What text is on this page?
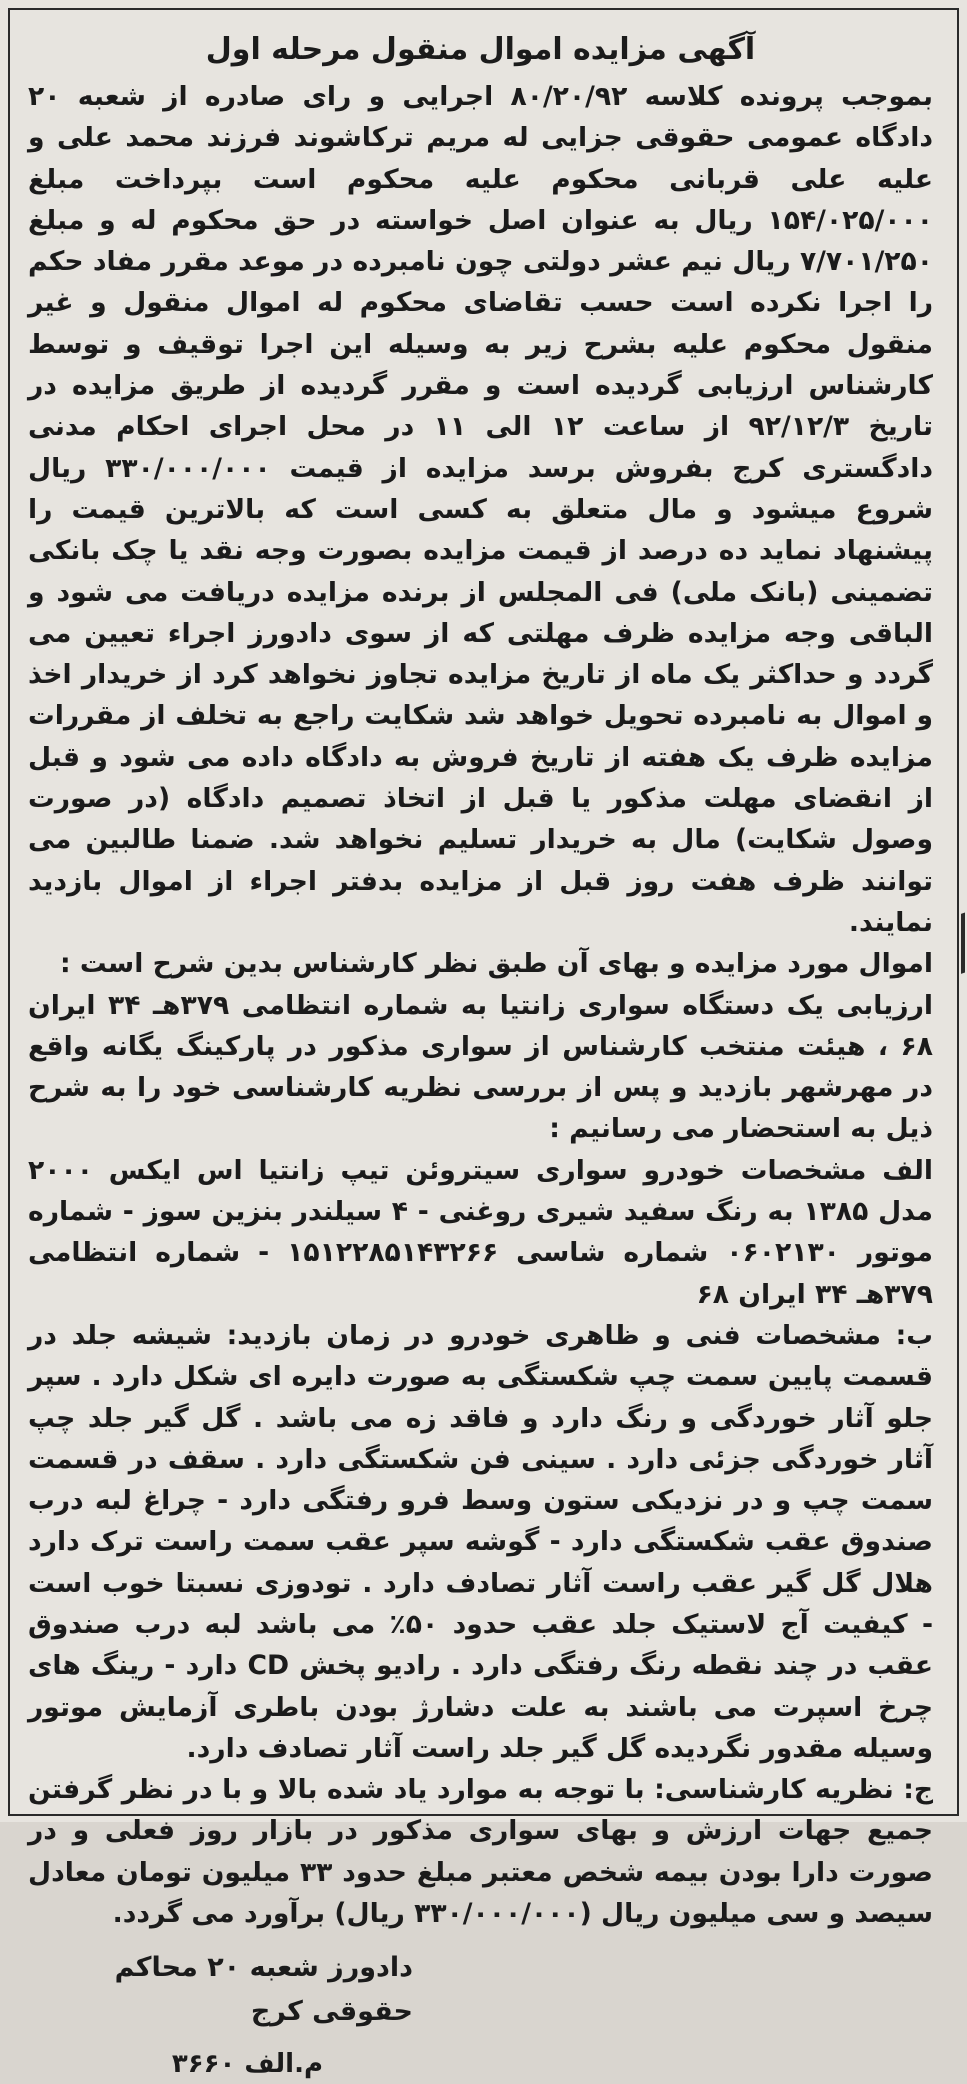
آگهی مزایده اموال منقول مرحله اول

بموجب پرونده کلاسه ۸۰/۲۰/۹۲ اجرایی و رای صادره از شعبه ۲۰ دادگاه عمومی حقوقی جزایی له مریم ترکاشوند فرزند محمد علی و علیه علی قربانی محکوم علیه محکوم است بپرداخت مبلغ ۱۵۴/۰۲۵/۰۰۰ ریال به عنوان اصل خواسته در حق محکوم له و مبلغ ۷/۷۰۱/۲۵۰ ریال نیم عشر دولتی چون نامبرده در موعد مقرر مفاد حکم را اجرا نکرده است حسب تقاضای محکوم له اموال منقول و غیر منقول محکوم علیه بشرح زیر به وسیله این اجرا توقیف و توسط کارشناس ارزیابی گردیده است و مقرر گردیده از طریق مزایده در تاریخ ۹۲/۱۲/۳ از ساعت ۱۲ الی ۱۱ در محل اجرای احکام مدنی دادگستری کرج بفروش برسد مزایده از قیمت ۳۳۰/۰۰۰/۰۰۰ ریال شروع میشود و مال متعلق به کسی است که بالاترین قیمت را پیشنهاد نماید ده درصد از قیمت مزایده بصورت وجه نقد یا چک بانکی تضمینی (بانک ملی) فی المجلس از برنده مزایده دریافت می شود و الباقی وجه مزایده ظرف مهلتی که از سوی دادورز اجراء تعیین می گردد و حداکثر یک ماه از تاریخ مزایده تجاوز نخواهد کرد از خریدار اخذ و اموال به نامبرده تحویل خواهد شد شکایت راجع به تخلف از مقررات مزایده ظرف یک هفته از تاریخ فروش به دادگاه داده می شود و قبل از انقضای مهلت مذکور یا قبل از اتخاذ تصمیم دادگاه (در صورت وصول شکایت) مال به خریدار تسلیم نخواهد شد. ضمنا طالبین می توانند ظرف هفت روز قبل از مزایده بدفتر اجراء از اموال بازدید نمایند.

اموال مورد مزایده و بهای آن طبق نظر کارشناس بدین شرح است :

ارزیابی یک دستگاه سواری زانتیا به شماره انتظامی ۳۷۹هـ ۳۴ ایران ۶۸ ، هیئت منتخب کارشناس از سواری مذکور در پارکینگ یگانه واقع در مهرشهر بازدید و پس از بررسی نظریه کارشناسی خود را به شرح ذیل به استحضار می رسانیم :

الف مشخصات خودرو سواری سیتروئن تیپ زانتیا اس ایکس ۲۰۰۰ مدل ۱۳۸۵ به رنگ سفید شیری روغنی - ۴ سیلندر بنزین سوز - شماره موتور ۰۶۰۲۱۳۰ شماره شاسی ۱۵۱۲۲۸۵۱۴۳۲۶۶ - شماره انتظامی ۳۷۹هـ ۳۴ ایران ۶۸

ب: مشخصات فنی و ظاهری خودرو در زمان بازدید: شیشه جلد در قسمت پایین سمت چپ شکستگی به صورت دایره ای شکل دارد . سپر جلو آثار خوردگی و رنگ دارد و فاقد زه می باشد . گل گیر جلد چپ آثار خوردگی جزئی دارد . سینی فن شکستگی دارد . سقف در قسمت سمت چپ و در نزدیکی ستون وسط فرو رفتگی دارد - چراغ لبه درب صندوق عقب شکستگی دارد - گوشه سپر عقب سمت راست ترک دارد هلال گل گیر عقب راست آثار تصادف دارد . تودوزی نسبتا خوب است - کیفیت آج لاستیک جلد عقب حدود ۵۰٪ می باشد لبه درب صندوق عقب در چند نقطه رنگ رفتگی دارد . رادیو پخش CD دارد - رینگ های چرخ اسپرت می باشند به علت دشارژ بودن باطری آزمایش موتور وسیله مقدور نگردیده گل گیر جلد راست آثار تصادف دارد.

ج: نظریه کارشناسی: با توجه به موارد یاد شده بالا و با در نظر گرفتن جمیع جهات ارزش و بهای سواری مذکور در بازار روز فعلی و در صورت دارا بودن بیمه شخص معتبر مبلغ حدود ۳۳ میلیون تومان معادل سیصد و سی میلیون ریال (۳۳۰/۰۰۰/۰۰۰ ریال) برآورد می گردد.

دادورز شعبه ۲۰ محاکم حقوقی کرج
م.الف ۳۶۶۰
